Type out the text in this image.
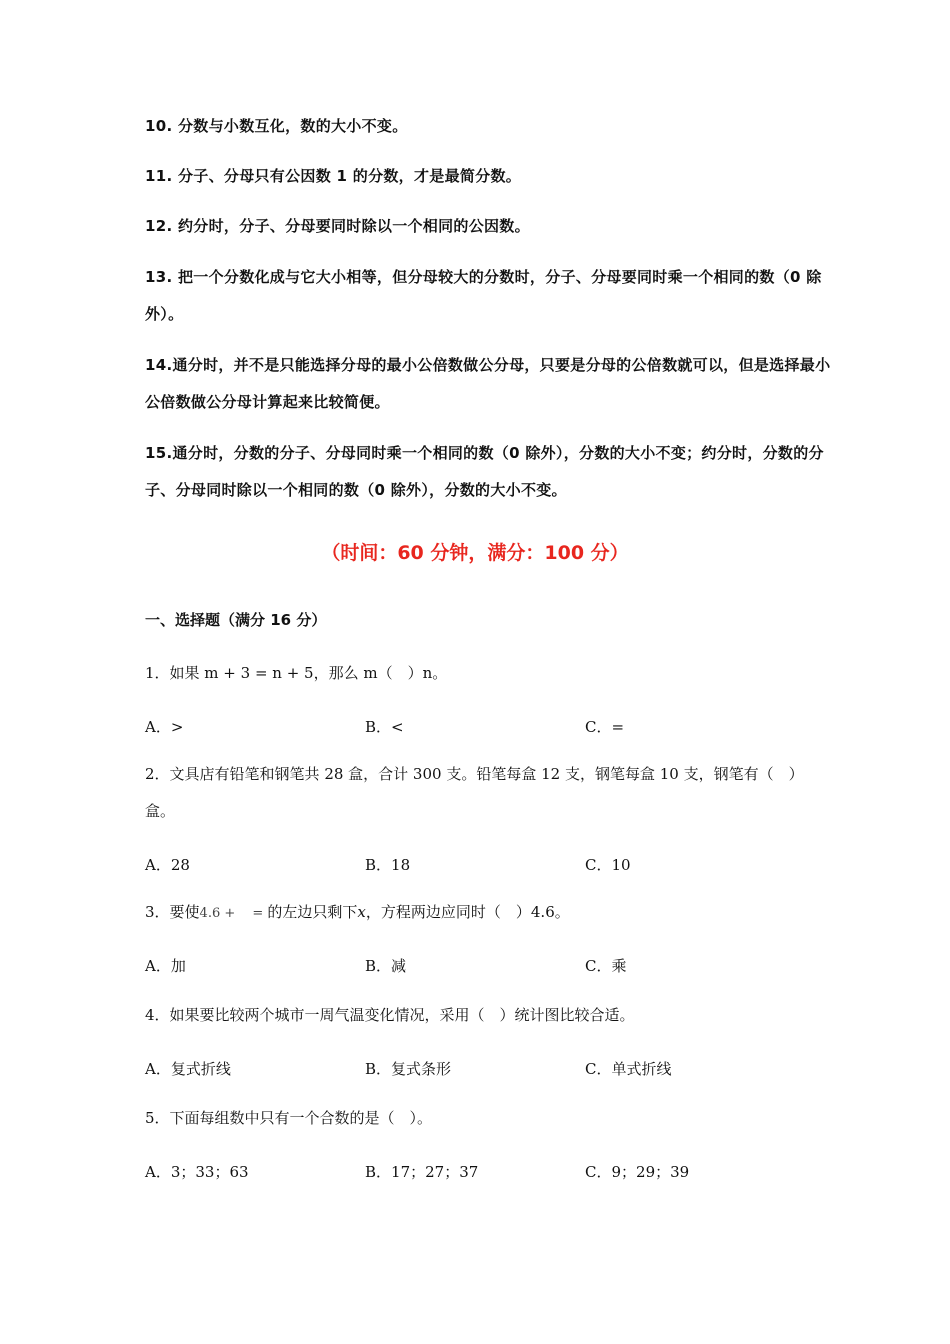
10. 分数与小数互化，数的大小不变。

11. 分子、分母只有公因数 1 的分数，才是最简分数。

12. 约分时，分子、分母要同时除以一个相同的公因数。

13. 把一个分数化成与它大小相等，但分母较大的分数时，分子、分母要同时乘一个相同的数（0 除外）。

14.通分时，并不是只能选择分母的最小公倍数做公分母，只要是分母的公倍数就可以，但是选择最小公倍数做公分母计算起来比较简便。

15.通分时，分数的分子、分母同时乘一个相同的数（0 除外），分数的大小不变；约分时，分数的分子、分母同时除以一个相同的数（0 除外），分数的大小不变。

（时间：60 分钟，满分：100 分）
一、选择题（满分 16 分）

1．如果 m + 3 = n + 5，那么 m（　）n。

A．>	B．<	C．=

2．文具店有铅笔和钢笔共 28 盒，合计 300 支。铅笔每盒 12 支，钢笔每盒 10 支，钢笔有（　）盒。

A．28	B．18	C．10

3．要使4.6 +　 = 的左边只剩下x，方程两边应同时（　）4.6。

A．加	B．减	C．乘

4．如果要比较两个城市一周气温变化情况，采用（　）统计图比较合适。

A．复式折线	B．复式条形	C．单式折线

5．下面每组数中只有一个合数的是（　）。

A．3；33；63	B．17；27；37	C．9；29；39
